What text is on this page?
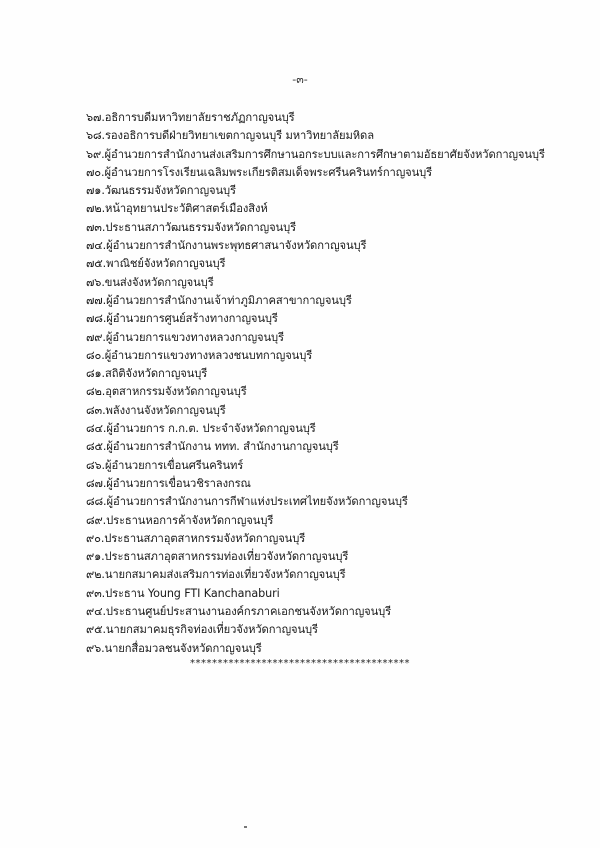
-๓-
๖๗.อธิการบดีมหาวิทยาลัยราชภัฏกาญจนบุรี
๖๘.รองอธิการบดีฝ่ายวิทยาเขตกาญจนบุรี มหาวิทยาลัยมหิดล
๖๙.ผู้อำนวยการสำนักงานส่งเสริมการศึกษานอกระบบและการศึกษาตามอัธยาศัยจังหวัดกาญจนบุรี
๗๐.ผู้อำนวยการโรงเรียนเฉลิมพระเกียรติสมเด็จพระศรีนครินทร์กาญจนบุรี
๗๑.วัฒนธรรมจังหวัดกาญจนบุรี
๗๒.หน้าอุทยานประวัติศาสตร์เมืองสิงห์
๗๓.ประธานสภาวัฒนธรรมจังหวัดกาญจนบุรี
๗๔.ผู้อำนวยการสำนักงานพระพุทธศาสนาจังหวัดกาญจนบุรี
๗๕.พาณิชย์จังหวัดกาญจนบุรี
๗๖.ขนส่งจังหวัดกาญจนบุรี
๗๗.ผู้อำนวยการสำนักงานเจ้าท่าภูมิภาคสาขากาญจนบุรี
๗๘.ผู้อำนวยการศูนย์สร้างทางกาญจนบุรี
๗๙.ผู้อำนวยการแขวงทางหลวงกาญจนบุรี
๘๐.ผู้อำนวยการแขวงทางหลวงชนบทกาญจนบุรี
๘๑.สถิติจังหวัดกาญจนบุรี
๘๒.อุตสาหกรรมจังหวัดกาญจนบุรี
๘๓.พลังงานจังหวัดกาญจนบุรี
๘๔.ผู้อำนวยการ ก.ก.ต. ประจำจังหวัดกาญจนบุรี
๘๕.ผู้อำนวยการสำนักงาน ททท. สำนักงานกาญจนบุรี
๘๖.ผู้อำนวยการเขื่อนศรีนครินทร์
๘๗.ผู้อำนวยการเขื่อนวชิราลงกรณ
๘๘.ผู้อำนวยการสำนักงานการกีฬาแห่งประเทศไทยจังหวัดกาญจนบุรี
๘๙.ประธานหอการค้าจังหวัดกาญจนบุรี
๙๐.ประธานสภาอุตสาหกรรมจังหวัดกาญจนบุรี
๙๑.ประธานสภาอุตสาหกรรมท่องเที่ยวจังหวัดกาญจนบุรี
๙๒.นายกสมาคมส่งเสริมการท่องเที่ยวจังหวัดกาญจนบุรี
๙๓.ประธาน Young FTI Kanchanaburi
๙๔.ประธานศูนย์ประสานงานองค์กรภาคเอกชนจังหวัดกาญจนบุรี
๙๕.นายกสมาคมธุรกิจท่องเที่ยวจังหวัดกาญจนบุรี
๙๖.นายกสื่อมวลชนจังหวัดกาญจนบุรี
****************************************
